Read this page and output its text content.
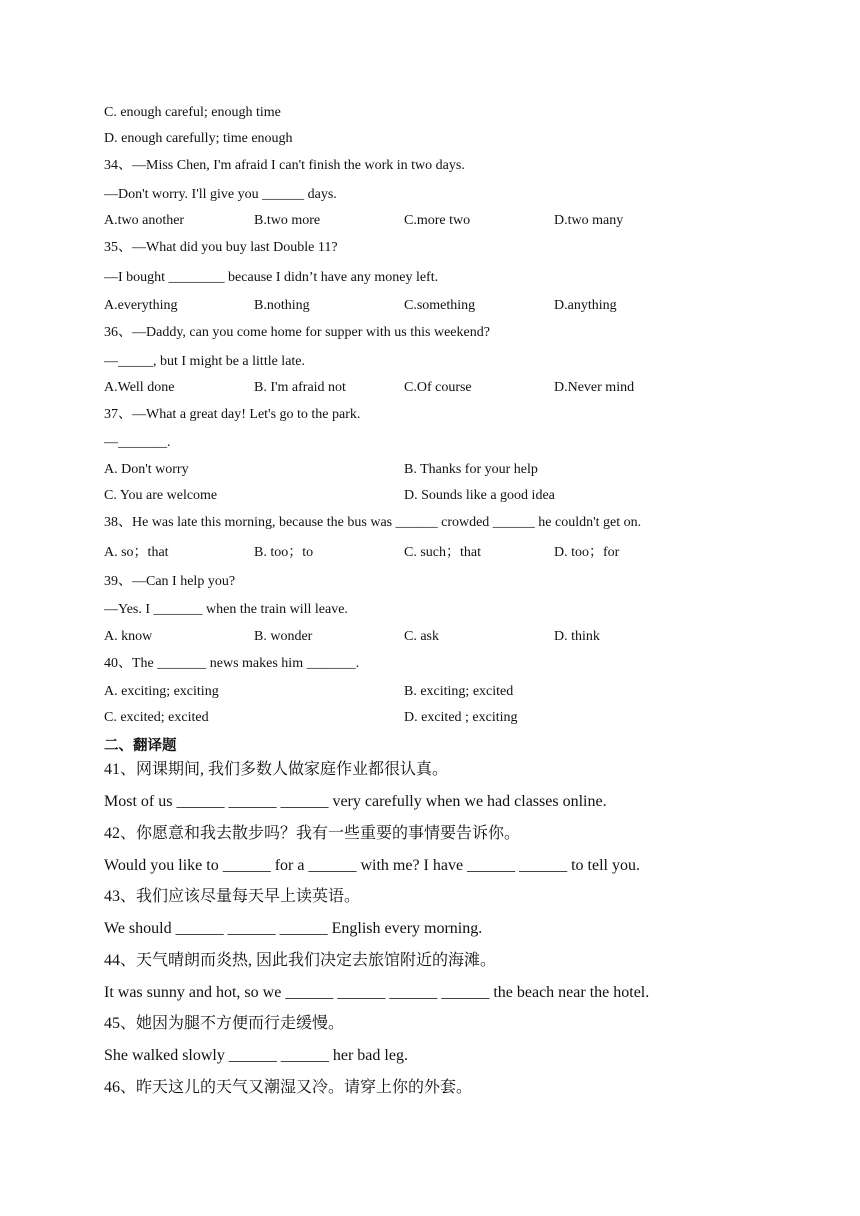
C. enough careful; enough time
D. enough carefully; time enough
34、—Miss Chen, I'm afraid I can't finish the work in two days.
—Don't worry. I'll give you ______ days.
A.two another	B.two more	C.more two	D.two many
35、—What did you buy last Double 11?
—I bought ________ because I didn’t have any money left.
A.everything	B.nothing	C.something	D.anything
36、—Daddy, can you come home for supper with us this weekend?
—_____, but I might be a little late.
A.Well done	B. I'm afraid not	C.Of course	D.Never mind
37、—What a great day! Let's go to the park.
—_______.
A. Don't worry	B. Thanks for your help
C. You are welcome	D. Sounds like a good idea
38、He was late this morning, because the bus was ______ crowded ______ he couldn't get on.
A. so；that	B. too；to	C. such；that	D. too；for
39、—Can I help you?
—Yes. I _______ when the train will leave.
A. know	B. wonder	C. ask	D. think
40、The _______ news makes him _______.
A. exciting; exciting	B. exciting; excited
C. excited; excited	D. excited ; exciting
二、翻译题
41、网课期间, 我们多数人做家庭作业都很认真。
Most of us ______ ______ ______ very carefully when we had classes online.
42、你愿意和我去散步吗？我有一些重要的事情要告诉你。
Would you like to ______ for a ______ with me? I have ______ ______ to tell you.
43、我们应该尽量每天早上读英语。
We should ______ ______ ______ English every morning.
44、天气晴朗而炎热, 因此我们决定去旅馆附近的海滩。
It was sunny and hot, so we ______ ______ ______ ______ the beach near the hotel.
45、她因为腿不方便而行走缓慢。
She walked slowly ______ ______ her bad leg.
46、昨天这儿的天气又潮湿又冷。请穿上你的外套。
